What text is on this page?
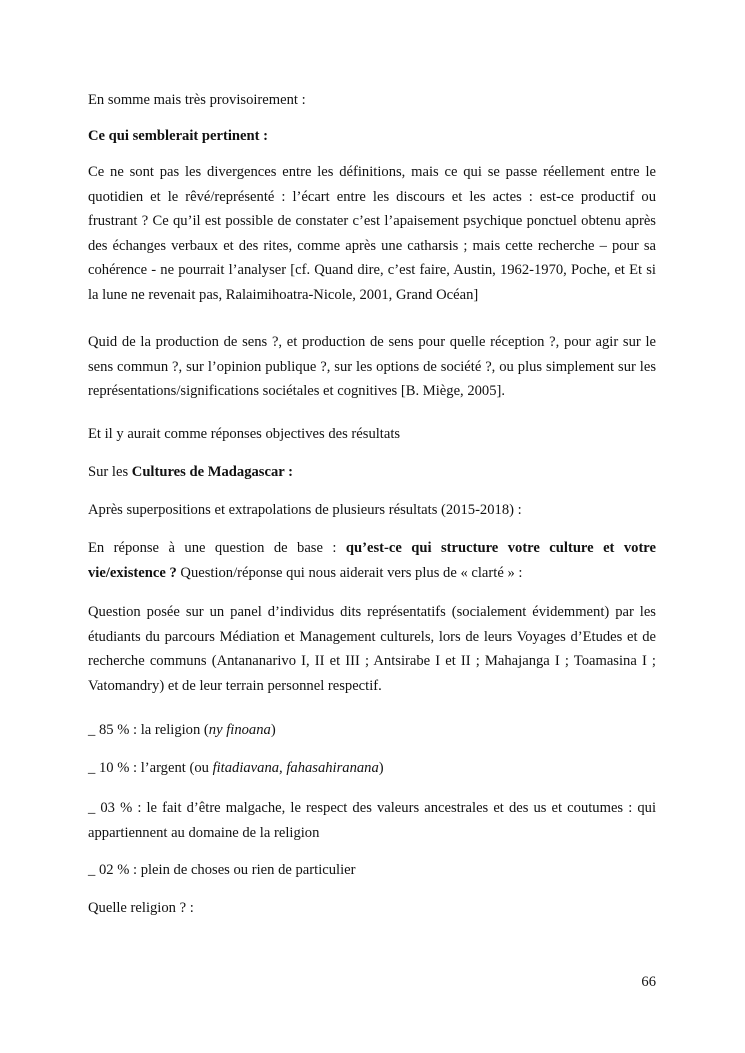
En somme mais très provisoirement :

Ce qui semblerait pertinent :

Ce ne sont pas les divergences entre les définitions, mais ce qui se passe réellement entre le quotidien et le rêvé/représenté : l’écart entre les discours et les actes : est-ce productif ou frustrant ? Ce qu’il est possible de constater c’est l’apaisement psychique ponctuel obtenu après des échanges verbaux et des rites, comme après une catharsis ; mais cette recherche – pour sa cohérence - ne pourrait l’analyser [cf. Quand dire, c’est faire, Austin, 1962-1970, Poche, et Et si la lune ne revenait pas, Ralaimihoatra-Nicole, 2001, Grand Océan]

Quid de la production de sens ?, et production de sens pour quelle réception ?, pour agir sur le sens commun ?, sur l’opinion publique ?, sur les options de société ?, ou plus simplement sur les représentations/significations sociétales et cognitives [B. Miège, 2005].

Et il y aurait comme réponses objectives des résultats

Sur les Cultures de Madagascar :

Après superpositions et extrapolations de plusieurs résultats (2015-2018) :

En réponse à une question de base : qu’est-ce qui structure votre culture et votre vie/existence ? Question/réponse qui nous aiderait vers plus de « clarté » :

Question posée sur un panel d’individus dits représentatifs (socialement évidemment) par les étudiants du parcours Médiation et Management culturels, lors de leurs Voyages d’Etudes et de recherche communs (Antananarivo I, II et III ; Antsirabe I et II ; Mahajanga I ; Toamasina I ; Vatomandry) et de leur terrain personnel respectif.

_ 85 % : la religion (ny finoana)

_ 10 % : l’argent (ou fitadiavana, fahasahiranana)

_ 03 % : le fait d’être malgache, le respect des valeurs ancestrales et des us et coutumes : qui appartiennent au domaine de la religion

_ 02 % : plein de choses ou rien de particulier

Quelle religion ? :

66
